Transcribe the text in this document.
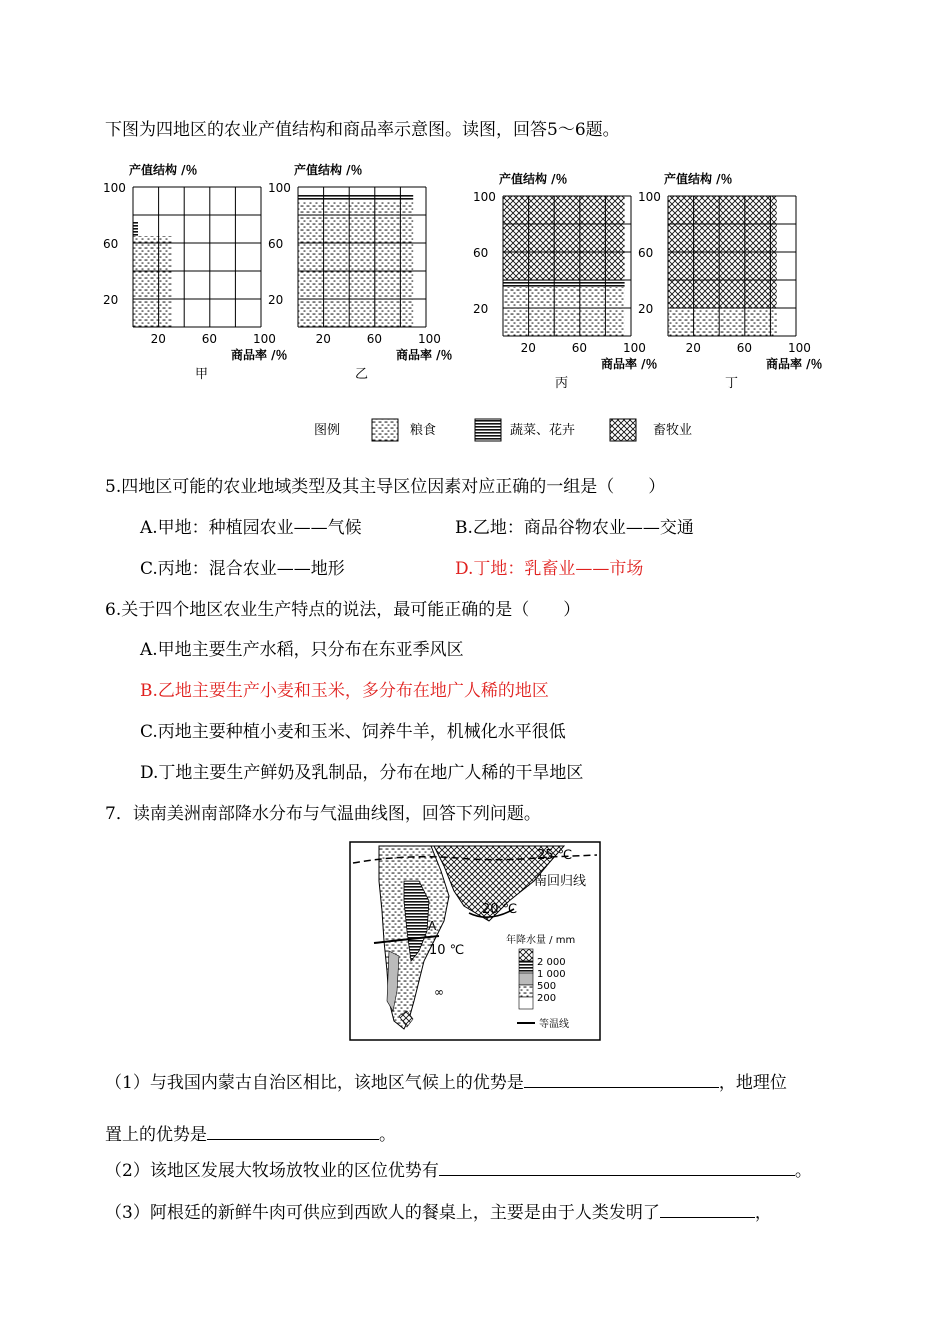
下图为四地区的农业产值结构和商品率示意图。读图，回答5～6题。
产值结构 /％
100
60
20
20	60	100
商品率 /％
甲
产值结构 /％
100
60
20
20	60	100
商品率 /％
乙
产值结构 /％
100
60
20
20	60	100
商品率 /％
丙
产值结构 /％
100
60
20
20	60	100
商品率 /％
丁
图例	粮食	蔬菜、花卉	畜牧业
5.四地区可能的农业地域类型及其主导区位因素对应正确的一组是（　　）
A.甲地：种植园农业——气候	B.乙地：商品谷物农业——交通
C.丙地：混合农业——地形	D.丁地：乳畜业——市场
6.关于四个地区农业生产特点的说法，最可能正确的是（　　）
A.甲地主要生产水稻，只分布在东亚季风区
B.乙地主要生产小麦和玉米，多分布在地广人稀的地区
C.丙地主要种植小麦和玉米、饲养牛羊，机械化水平很低
D.丁地主要生产鲜奶及乳制品，分布在地广人稀的干旱地区
7．读南美洲南部降水分布与气温曲线图，回答下列问题。
25 ℃
南回归线
20 ℃
10 ℃
A
∞
年降水量 / mm
2 000
1 000
500
200
等温线
（1）与我国内蒙古自治区相比，该地区气候上的优势是	，地理位
置上的优势是	。
（2）该地区发展大牧场放牧业的区位优势有	。
（3）阿根廷的新鲜牛肉可供应到西欧人的餐桌上，主要是由于人类发明了	，
